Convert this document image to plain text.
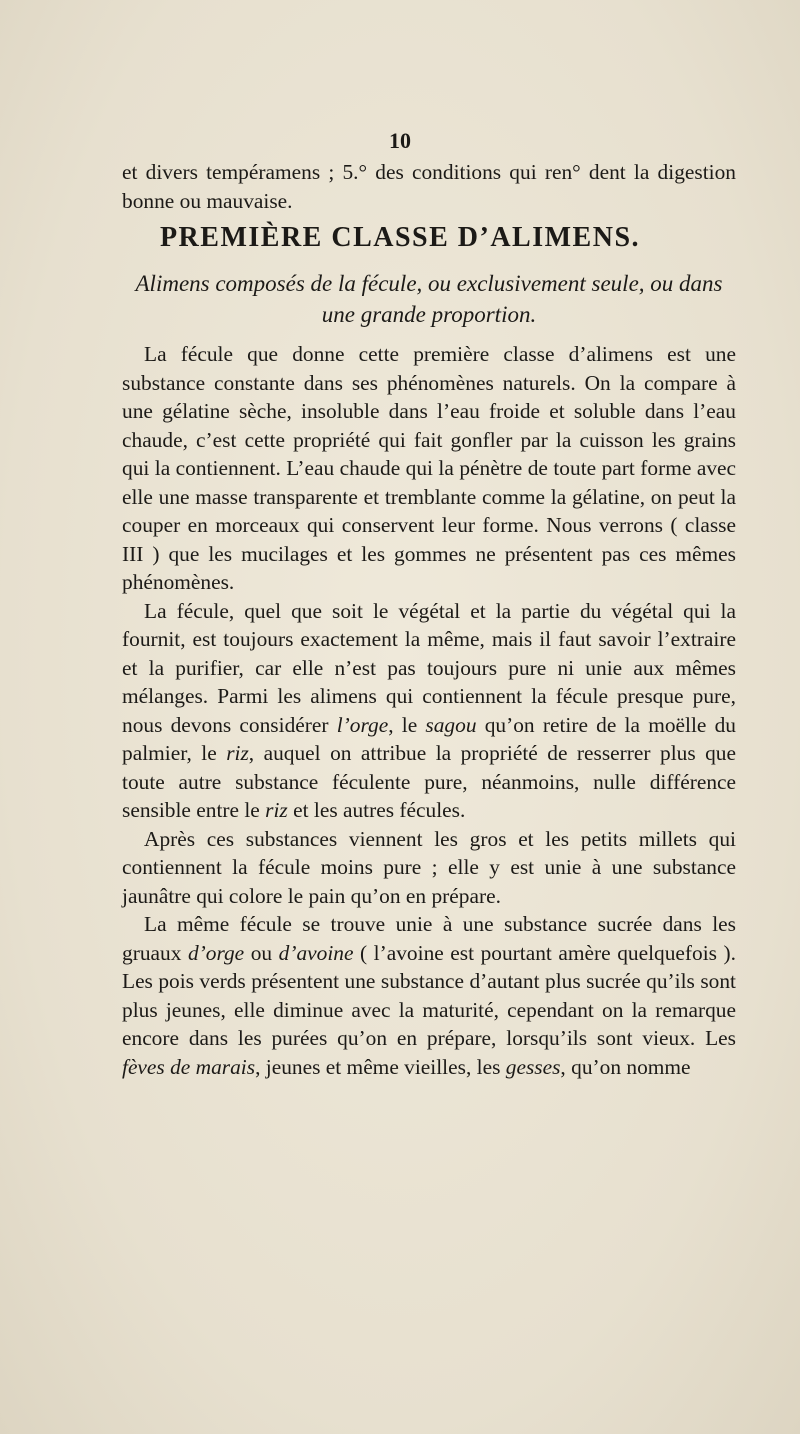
10

et divers tempéramens ; 5.° des conditions qui ren° dent la digestion bonne ou mauvaise.

PREMIÈRE CLASSE D’ALIMENS.
Alimens composés de la fécule, ou exclusivement seule, ou dans une grande proportion.

La fécule que donne cette première classe d’alimens est une substance constante dans ses phénomènes naturels. On la compare à une gélatine sèche, insoluble dans l’eau froide et soluble dans l’eau chaude, c’est cette propriété qui fait gonfler par la cuisson les grains qui la contiennent. L’eau chaude qui la pénètre de toute part forme avec elle une masse transparente et tremblante comme la gélatine, on peut la couper en morceaux qui conservent leur forme. Nous verrons ( classe III ) que les mucilages et les gommes ne présentent pas ces mêmes phénomènes.

La fécule, quel que soit le végétal et la partie du végétal qui la fournit, est toujours exactement la même, mais il faut savoir l’extraire et la purifier, car elle n’est pas toujours pure ni unie aux mêmes mélanges. Parmi les alimens qui contiennent la fécule presque pure, nous devons considérer l’orge, le sagou qu’on retire de la moëlle du palmier, le riz, auquel on attribue la propriété de resserrer plus que toute autre substance féculente pure, néanmoins, nulle différence sensible entre le riz et les autres fécules.

Après ces substances viennent les gros et les petits millets qui contiennent la fécule moins pure ; elle y est unie à une substance jaunâtre qui colore le pain qu’on en prépare.

La même fécule se trouve unie à une substance sucrée dans les gruaux d’orge ou d’avoine ( l’avoine est pourtant amère quelquefois ). Les pois verds présentent une substance d’autant plus sucrée qu’ils sont plus jeunes, elle diminue avec la maturité, cependant on la remarque encore dans les purées qu’on en prépare, lorsqu’ils sont vieux. Les fèves de marais, jeunes et même vieilles, les gesses, qu’on nomme
